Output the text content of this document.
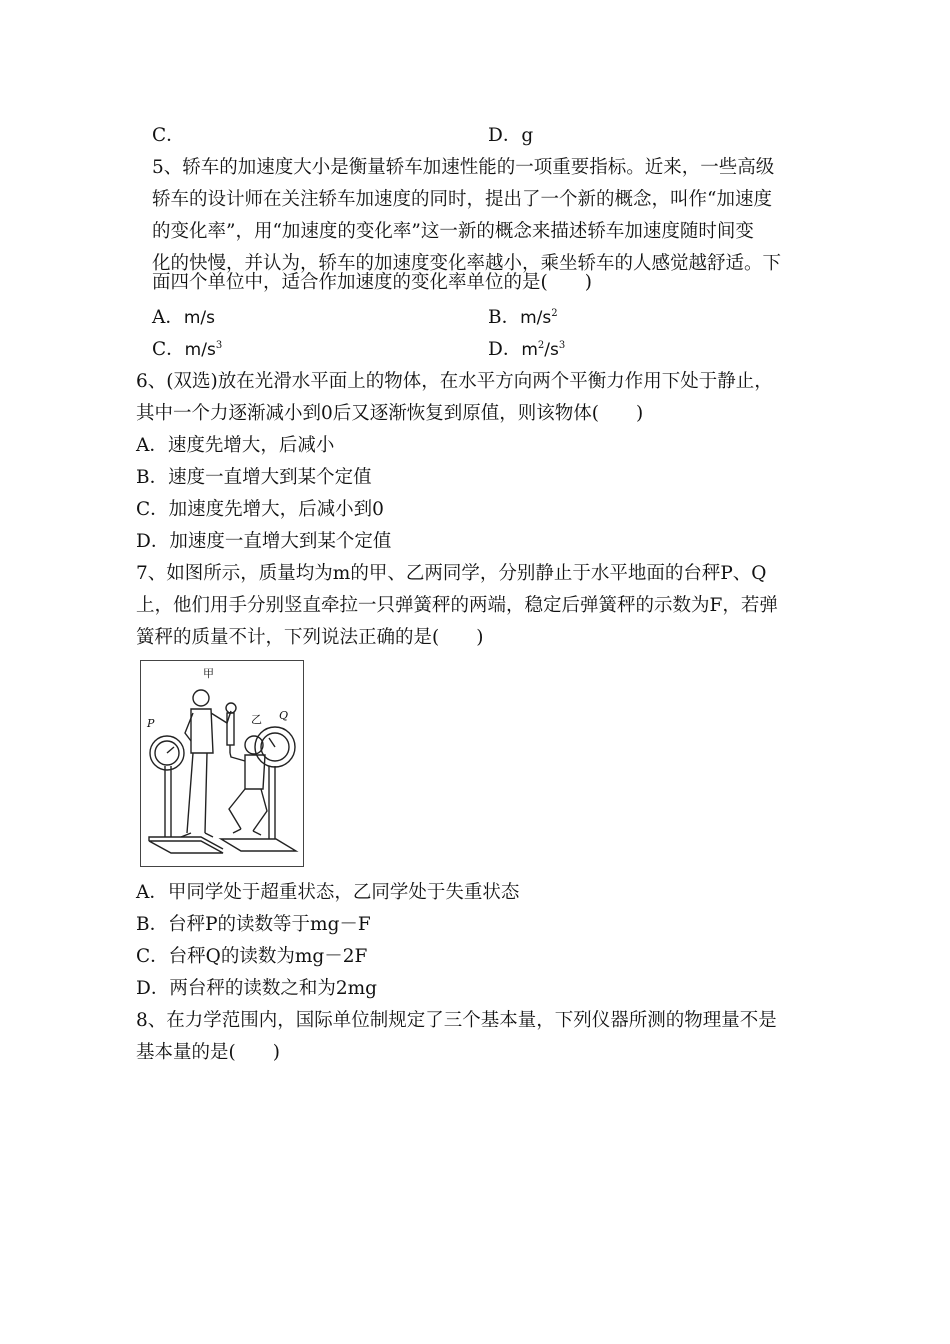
C．	D．g
5、轿车的加速度大小是衡量轿车加速性能的一项重要指标。近来，一些高级
轿车的设计师在关注轿车加速度的同时，提出了一个新的概念，叫作“加速度
的变化率”，用“加速度的变化率”这一新的概念来描述轿车加速度随时间变
化的快慢，并认为，轿车的加速度变化率越小，乘坐轿车的人感觉越舒适。下
面四个单位中，适合作加速度的变化率单位的是(　　)
A．m/s	B．$m/s^2$
C．$m/s^3$	D．$m^2/s^3$
6、(双选)放在光滑水平面上的物体，在水平方向两个平衡力作用下处于静止，
其中一个力逐渐减小到0后又逐渐恢复到原值，则该物体(　　)
A．速度先增大，后减小
B．速度一直增大到某个定值
C．加速度先增大，后减小到0
D．加速度一直增大到某个定值
7、如图所示，质量均为m的甲、乙两同学，分别静止于水平地面的台秤P、Q
上，他们用手分别竖直牵拉一只弹簧秤的两端，稳定后弹簧秤的示数为F，若弹
簧秤的质量不计，下列说法正确的是(　　)
甲
乙
P
Q
A．甲同学处于超重状态，乙同学处于失重状态
B．台秤P的读数等于mg－F
C．台秤Q的读数为mg－2F
D．两台秤的读数之和为2mg
8、在力学范围内，国际单位制规定了三个基本量，下列仪器所测的物理量不是
基本量的是(　　)
